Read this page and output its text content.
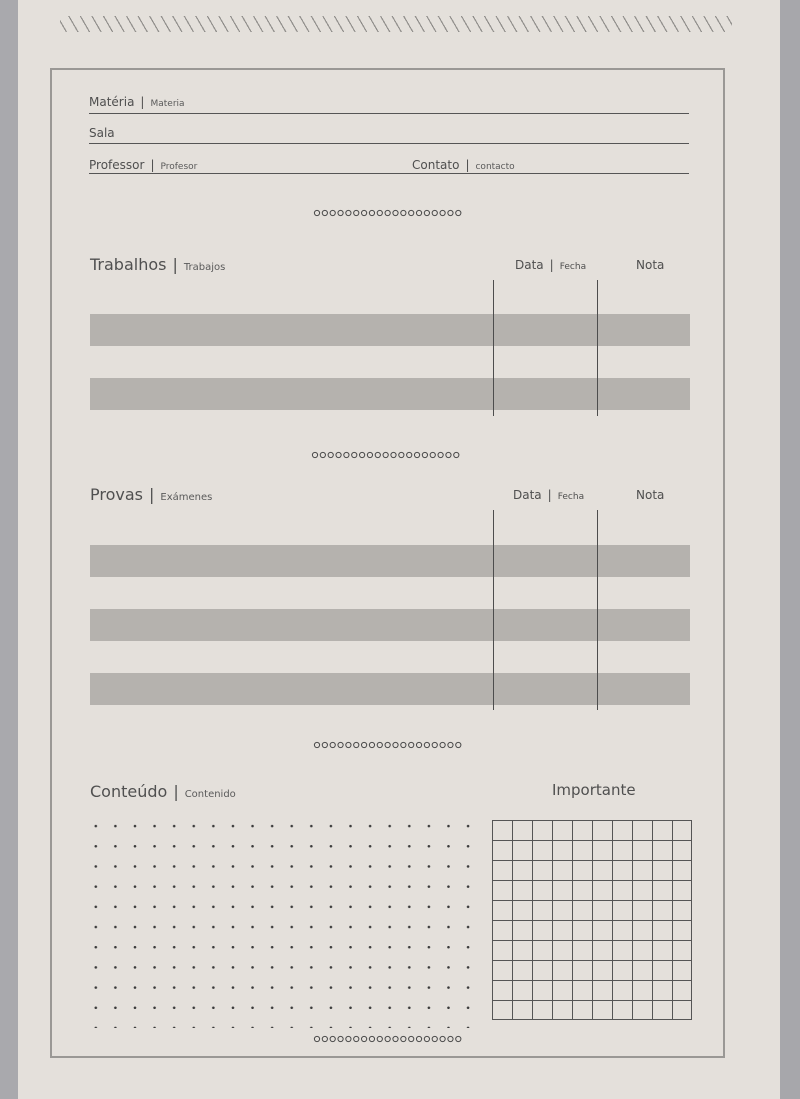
Matéria | Materia
Sala
Professor | Profesor	Contato | contacto
Trabalhos | Trabajos	Data | Fecha	Nota
Provas | Exámenes	Data | Fecha	Nota
Conteúdo | Contenido	Importante
